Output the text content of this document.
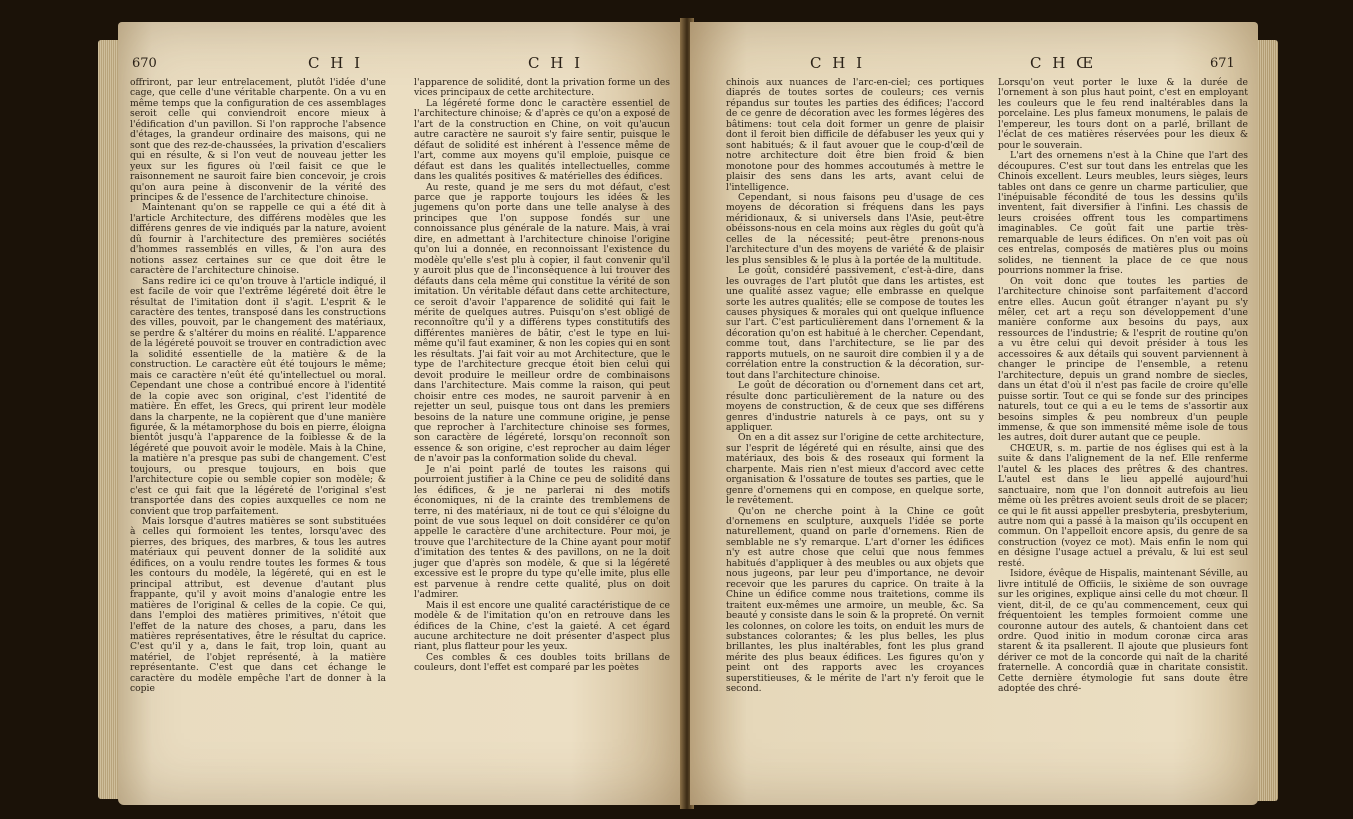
670	C H I	C H I

offriront, par leur entrelacement, plutôt l'idée d'une cage, que celle d'une véritable charpente. On a vu en même temps que la configuration de ces assemblages seroit celle qui conviendroit encore mieux à l'édification d'un pavillon. Si l'on rapproche l'absence d'étages, la grandeur ordinaire des maisons, qui ne sont que des rez-de-chaussées, la privation d'escaliers qui en résulte, & si l'on veut de nouveau jetter les yeux sur les figures où l'œil faisit ce que le raisonnement ne sauroit faire bien concevoir, je crois qu'on aura peine à disconvenir de la vérité des principes & de l'essence de l'architecture chinoise.

Maintenant qu'on se rappelle ce qui a été dit à l'article Architecture, des différens modèles que les différens genres de vie indiqués par la nature, avoient dû fournir à l'architecture des premières sociétés d'hommes rassemblés en villes, & l'on aura des notions assez certaines sur ce que doit être le caractère de l'architecture chinoise.

Sans redire ici ce qu'on trouve à l'article indiqué, il est facile de voir que l'extrême légéreté doit être le résultat de l'imitation dont il s'agit. L'esprit & le caractère des tentes, transposé dans les constructions des villes, pouvoit, par le changement des matériaux, se perdre & s'altérer du moins en réalité. L'apparence de la légéreté pouvoit se trouver en contradiction avec la solidité essentielle de la matière & de la construction. Le caractère eût été toujours le même; mais ce caractère n'eût été qu'intellectuel ou moral. Cependant une chose a contribué encore à l'identité de la copie avec son original, c'est l'identité de matière. En effet, les Grecs, qui prirent leur modèle dans la charpente, ne la copièrent que d'une manière figurée, & la métamorphose du bois en pierre, éloigna bientôt jusqu'à l'apparence de la foiblesse & de la légéreté que pouvoit avoir le modèle. Mais à la Chine, la matière n'a presque pas subi de changement. C'est toujours, ou presque toujours, en bois que l'architecture copie ou semble copier son modèle; & c'est ce qui fait que la légéreté de l'original s'est transportée dans des copies auxquelles ce nom ne convient que trop parfaitement.

Mais lorsque d'autres matières se sont substituées à celles qui formoient les tentes, lorsqu'avec des pierres, des briques, des marbres, & tous les autres matériaux qui peuvent donner de la solidité aux édifices, on a voulu rendre toutes les formes & tous les contours du modèle, la légéreté, qui en est le principal attribut, est devenue d'autant plus frappante, qu'il y avoit moins d'analogie entre les matières de l'original & celles de la copie. Ce qui, dans l'emploi des matières primitives, n'étoit que l'effet de la nature des choses, a paru, dans les matières représentatives, être le résultat du caprice. C'est qu'il y a, dans le fait, trop loin, quant au matériel, de l'objet représenté, à la matière représentante. C'est que dans cet échange le caractère du modèle empêche l'art de donner à la copie

l'apparence de solidité, dont la privation forme un des vices principaux de cette architecture.

La légéreté forme donc le caractère essentiel de l'architecture chinoise; & d'après ce qu'on a exposé de l'art de la construction en Chine, on voit qu'aucun autre caractère ne sauroit s'y faire sentir, puisque le défaut de solidité est inhérent à l'essence même de l'art, comme aux moyens qu'il emploie, puisque ce défaut est dans les qualités intellectuelles, comme dans les qualités positives & matérielles des édifices.

Au reste, quand je me sers du mot défaut, c'est parce que je rapporte toujours les idées & les jugemens qu'on porte dans une telle analyse à des principes que l'on suppose fondés sur une connoissance plus générale de la nature. Mais, à vrai dire, en admettant à l'architecture chinoise l'origine qu'on lui a donnée, en reconnoissant l'existence du modèle qu'elle s'est plu à copier, il faut convenir qu'il y auroit plus que de l'inconséquence à lui trouver des défauts dans cela même qui constitue la vérité de son imitation. Un véritable défaut dans cette architecture, ce seroit d'avoir l'apparence de solidité qui fait le mérite de quelques autres. Puisqu'on s'est obligé de reconnoître qu'il y a différens types constitutifs des différentes manières de bâtir, c'est le type en lui-même qu'il faut examiner, & non les copies qui en sont les résultats. J'ai fait voir au mot Architecture, que le type de l'architecture grecque étoit bien celui qui devoit produire le meilleur ordre de combinaisons dans l'architecture. Mais comme la raison, qui peut choisir entre ces modes, ne sauroit parvenir à en rejetter un seul, puisque tous ont dans les premiers besoins de la nature une commune origine, je pense que reprocher à l'architecture chinoise ses formes, son caractère de légéreté, lorsqu'on reconnoît son essence & son origine, c'est reprocher au daim léger de n'avoir pas la conformation solide du cheval.

Je n'ai point parlé de toutes les raisons qui pourroient justifier à la Chine ce peu de solidité dans les édifices, & je ne parlerai ni des motifs économiques, ni de la crainte des tremblemens de terre, ni des matériaux, ni de tout ce qui s'éloigne du point de vue sous lequel on doit considérer ce qu'on appelle le caractère d'une architecture. Pour moi, je trouve que l'architecture de la Chine ayant pour motif d'imitation des tentes & des pavillons, on ne la doit juger que d'après son modèle, & que si la légéreté excessive est le propre du type qu'elle imite, plus elle est parvenue à rendre cette qualité, plus on doit l'admirer.

Mais il est encore une qualité caractéristique de ce modèle & de l'imitation qu'on en retrouve dans les édifices de la Chine, c'est la gaieté. A cet égard aucune architecture ne doit présenter d'aspect plus riant, plus flatteur pour les yeux.

Ces combles & ces doubles toits brillans de couleurs, dont l'effet est comparé par les poètes

C H I	C H Œ	671

chinois aux nuances de l'arc-en-ciel; ces portiques diaprés de toutes sortes de couleurs; ces vernis répandus sur toutes les parties des édifices; l'accord de ce genre de décoration avec les formes légères des bâtimens: tout cela doit former un genre de plaisir dont il feroit bien difficile de défabuser les yeux qui y sont habitués; & il faut avouer que le coup-d'œil de notre architecture doit être bien froid & bien monotone pour des hommes accoutumés à mettre le plaisir des sens dans les arts, avant celui de l'intelligence.

Cependant, si nous faisons peu d'usage de ces moyens de décoration si fréquens dans les pays méridionaux, & si universels dans l'Asie, peut-être obéissons-nous en cela moins aux règles du goût qu'à celles de la nécessité; peut-être prenons-nous l'architecture d'un des moyens de variété & de plaisir les plus sensibles & le plus à la portée de la multitude.

Le goût, considéré passivement, c'est-à-dire, dans les ouvrages de l'art plutôt que dans les artistes, est une qualité assez vague; elle embrasse en quelque sorte les autres qualités; elle se compose de toutes les causes physiques & morales qui ont quelque influence sur l'art. C'est particulièrement dans l'ornement & la décoration qu'on est habitué à le chercher. Cependant, comme tout, dans l'architecture, se lie par des rapports mutuels, on ne sauroit dire combien il y a de corrélation entre la construction & la décoration, sur-tout dans l'architecture chinoise.

Le goût de décoration ou d'ornement dans cet art, résulte donc particulièrement de la nature ou des moyens de construction, & de ceux que ses différens genres d'industrie naturels à ce pays, ont su y appliquer.

On en a dit assez sur l'origine de cette architecture, sur l'esprit de légéreté qui en résulte, ainsi que des matériaux, des bois & des roseaux qui forment la charpente. Mais rien n'est mieux d'accord avec cette organisation & l'ossature de toutes ses parties, que le genre d'ornemens qui en compose, en quelque sorte, le revêtement.

Qu'on ne cherche point à la Chine ce goût d'ornemens en sculpture, auxquels l'idée se porte naturellement, quand on parle d'ornemens. Rien de semblable ne s'y remarque. L'art d'orner les édifices n'y est autre chose que celui que nous femmes habitués d'appliquer à des meubles ou aux objets que nous jugeons, par leur peu d'importance, ne devoir recevoir que les parures du caprice. On traite à la Chine un édifice comme nous traitetions, comme ils traitent eux-mêmes une armoire, un meuble, &c. Sa beauté y consiste dans le soin & la propreté. On vernit les colonnes, on colore les toits, on enduit les murs de substances colorantes; & les plus belles, les plus brillantes, les plus inaltérables, font les plus grand mérite des plus beaux édifices. Les figures qu'on y peint ont des rapports avec les croyances superstitieuses, & le mérite de l'art n'y feroit que le second.

Lorsqu'on veut porter le luxe & la durée de l'ornement à son plus haut point, c'est en employant les couleurs que le feu rend inaltérables dans la porcelaine. Les plus fameux monumens, le palais de l'empereur, les tours dont on a parlé, brillant de l'éclat de ces matières réservées pour les dieux & pour le souverain.

L'art des ornemens n'est à la Chine que l'art des découpures. C'est sur tout dans les entrelas que les Chinois excellent. Leurs meubles, leurs sièges, leurs tables ont dans ce genre un charme particulier, que l'inépuisable fécondité de tous les dessins qu'ils inventent, fait diversifier à l'infini. Les chassis de leurs croisées offrent tous les compartimens imaginables. Ce goût fait une partie très-remarquable de leurs édifices. On n'en voit pas où ces entrelas, composés de matières plus ou moins solides, ne tiennent la place de ce que nous pourrions nommer la frise.

On voit donc que toutes les parties de l'architecture chinoise sont parfaitement d'accord entre elles. Aucun goût étranger n'ayant pu s'y mêler, cet art a reçu son développement d'une manière conforme aux besoins du pays, aux ressources de l'industrie; & l'esprit de routine qu'on a vu être celui qui devoit présider à tous les accessoires & aux détails qui souvent parviennent à changer le principe de l'ensemble, a retenu l'architecture, depuis un grand nombre de siecles, dans un état d'où il n'est pas facile de croire qu'elle puisse sortir. Tout ce qui se fonde sur des principes naturels, tout ce qui a eu le tems de s'assortir aux besoins simples & peu nombreux d'un peuple immense, & que son immensité même isole de tous les autres, doit durer autant que ce peuple.

CHŒUR, s. m. partie de nos églises qui est à la suite & dans l'alignement de la nef. Elle renferme l'autel & les places des prêtres & des chantres. L'autel est dans le lieu appellé aujourd'hui sanctuaire, nom que l'on donnoit autrefois au lieu même où les prêtres avoient seuls droit de se placer; ce qui le fit aussi appeller presbyteria, presbyterium, autre nom qui a passé à la maison qu'ils occupent en commun. On l'appelloit encore apsis, du genre de sa construction (voyez ce mot). Mais enfin le nom qui en désigne l'usage actuel a prévalu, & lui est seul resté.

Isidore, évêque de Hispalis, maintenant Séville, au livre intitulé de Officiis, le sixième de son ouvrage sur les origines, explique ainsi celle du mot chœur. Il vient, dit-il, de ce qu'au commencement, ceux qui fréquentoient les temples formoient comme une couronne autour des autels, & chantoient dans cet ordre. Quod initio in modum coronæ circa aras starent & ita psallerent. Il ajoute que plusieurs font dériver ce mot de la concorde qui naît de la charité fraternelle. A concordiâ quæ in charitate consistit. Cette dernière étymologie fut sans doute être adoptée des chré-
